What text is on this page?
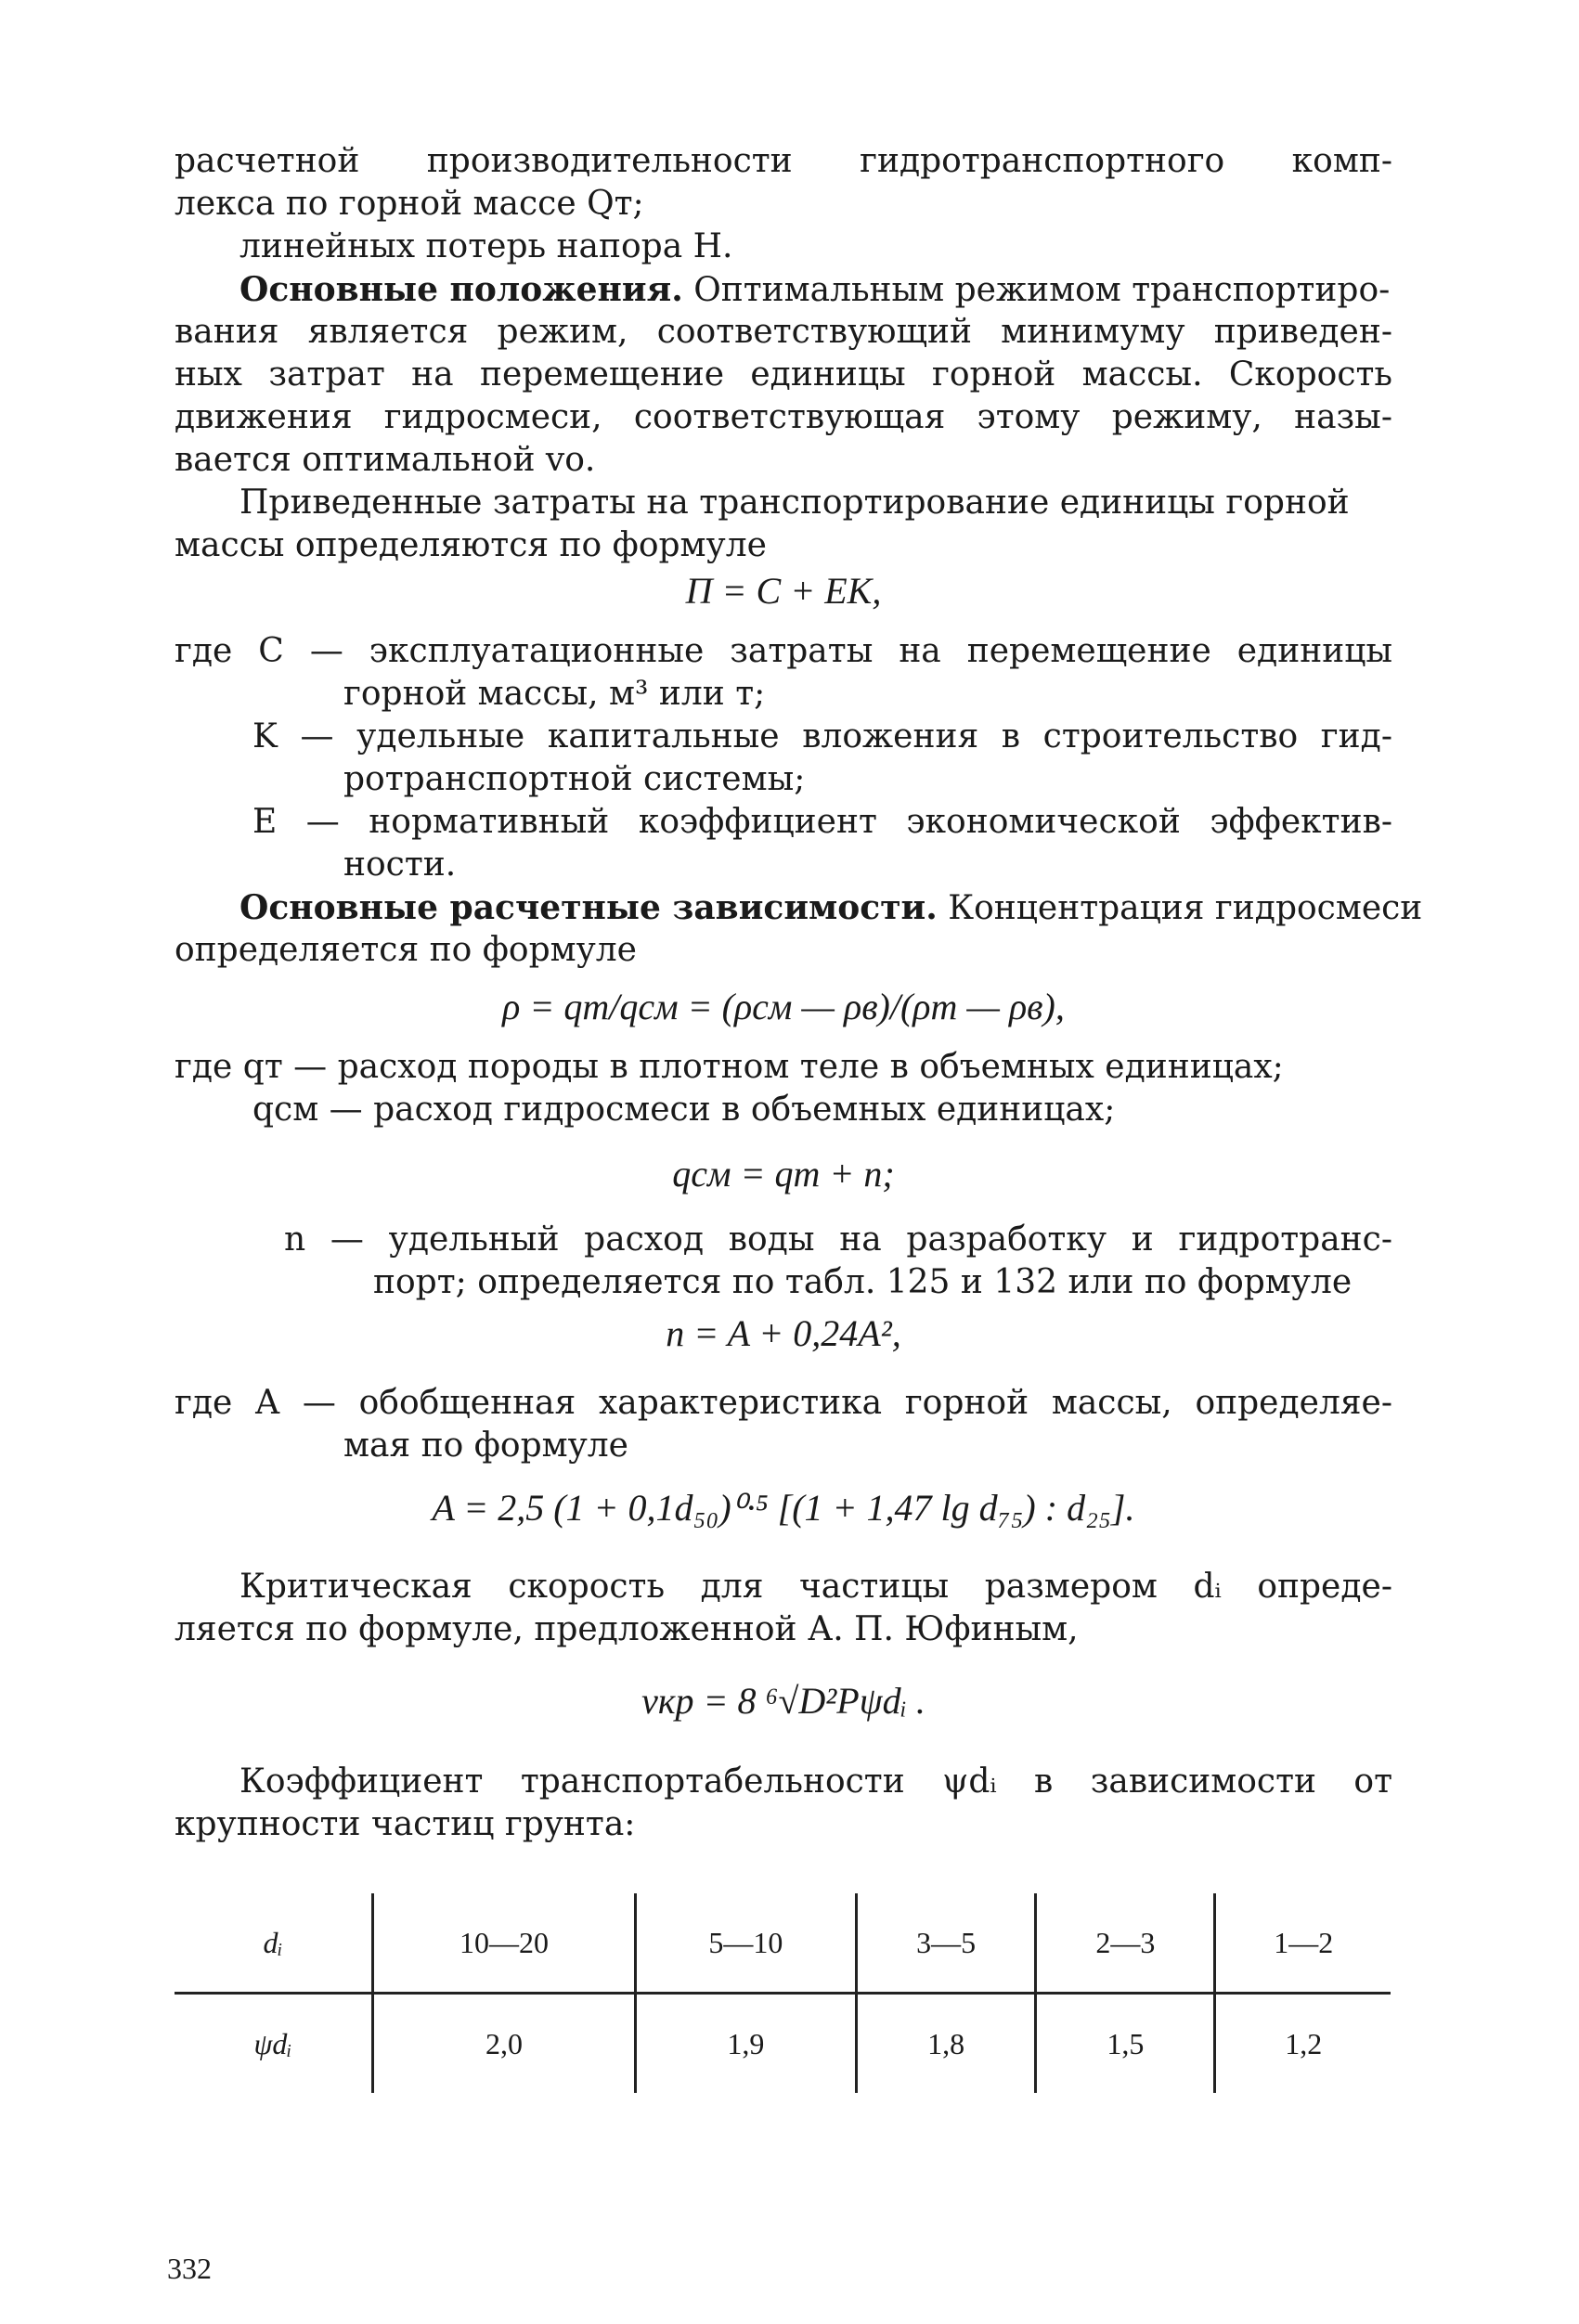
расчетной производительности гидротранспортного комп-
лекса по горной массе Qт;
линейных потерь напора H.
Основные положения. Оптимальным режимом транспортиро-
вания является режим, соответствующий минимуму приведен-
ных затрат на перемещение единицы горной массы. Скорость
движения гидросмеси, соответствующая этому режиму, назы-
вается оптимальной vо.
Приведенные затраты на транспортирование единицы горной
массы определяются по формуле
П = C + EK,
где C — эксплуатационные затраты на перемещение единицы
горной массы, м³ или т;
K — удельные капитальные вложения в строительство гид-
ротранспортной системы;
E — нормативный коэффициент экономической эффектив-
ности.
Основные расчетные зависимости. Концентрация гидросмеси
определяется по формуле
ρ = qт/qсм = (ρсм — ρв)/(ρт — ρв),
где qт — расход породы в плотном теле в объемных единицах;
qсм — расход гидросмеси в объемных единицах;
qсм = qт + n;
n — удельный расход воды на разработку и гидротранс-
порт; определяется по табл. 125 и 132 или по формуле
n = A + 0,24A²,
где A — обобщенная характеристика горной массы, определяе-
мая по формуле
A = 2,5 (1 + 0,1d₅₀)⁰·⁵ [(1 + 1,47 lg d₇₅) : d₂₅].
Критическая скорость для частицы размером dᵢ опреде-
ляется по формуле, предложенной А. П. Юфиным,
vкр = 8 ⁶√D²Pψdᵢ .
Коэффициент транспортабельности ψdᵢ в зависимости от
крупности частиц грунта:
dᵢ	10—20	5—10	3—5	2—3	1—2
ψdᵢ	2,0	1,9	1,8	1,5	1,2
332
